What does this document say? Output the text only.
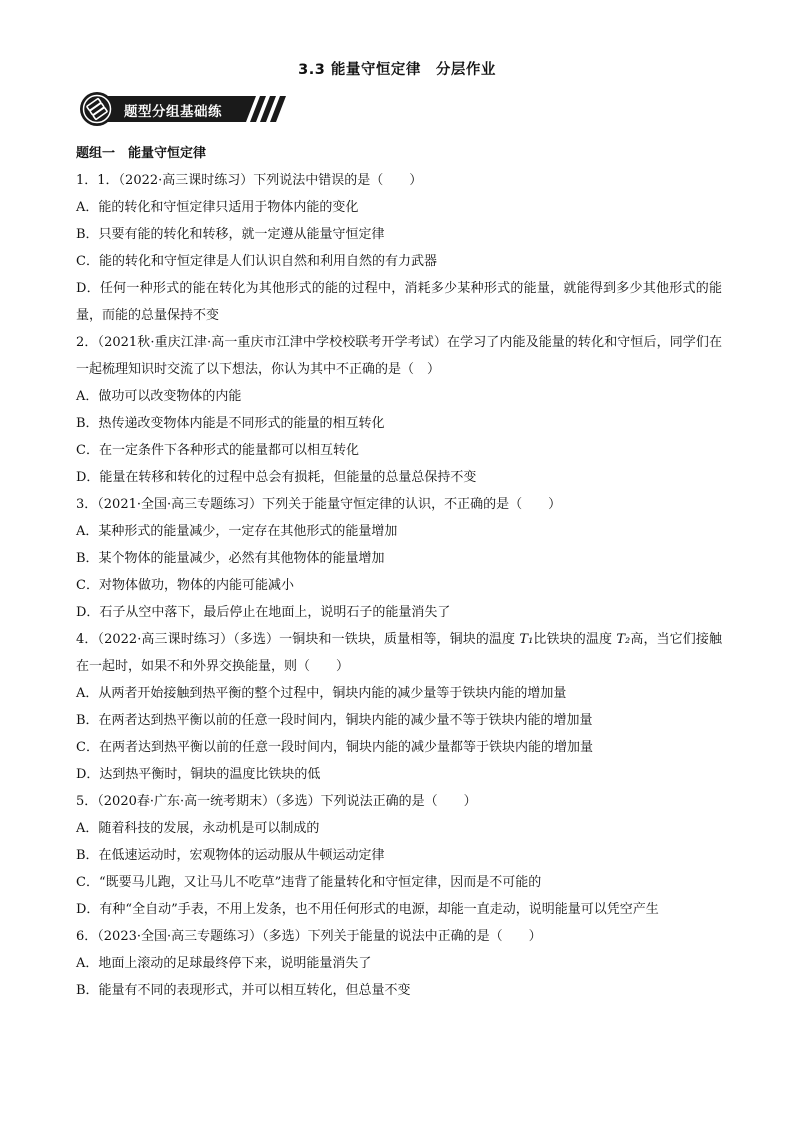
3.3 能量守恒定律　分层作业
题型分组基础练
题组一　能量守恒定律
1．1．（2022·高三课时练习）下列说法中错误的是（　　）
A．能的转化和守恒定律只适用于物体内能的变化
B．只要有能的转化和转移，就一定遵从能量守恒定律
C．能的转化和守恒定律是人们认识自然和利用自然的有力武器
D．任何一种形式的能在转化为其他形式的能的过程中，消耗多少某种形式的能量，就能得到多少其他形式的能量，而能的总量保持不变
2．（2021秋·重庆江津·高一重庆市江津中学校校联考开学考试）在学习了内能及能量的转化和守恒后，同学们在一起梳理知识时交流了以下想法，你认为其中不正确的是（　）
A．做功可以改变物体的内能
B．热传递改变物体内能是不同形式的能量的相互转化
C．在一定条件下各种形式的能量都可以相互转化
D．能量在转移和转化的过程中总会有损耗，但能量的总量总保持不变
3．（2021·全国·高三专题练习）下列关于能量守恒定律的认识，不正确的是（　　）
A．某种形式的能量减少，一定存在其他形式的能量增加
B．某个物体的能量减少，必然有其他物体的能量增加
C．对物体做功，物体的内能可能减小
D．石子从空中落下，最后停止在地面上，说明石子的能量消失了
4．（2022·高三课时练习）（多选）一铜块和一铁块，质量相等，铜块的温度 T₁比铁块的温度 T₂高，当它们接触在一起时，如果不和外界交换能量，则（　　）
A．从两者开始接触到热平衡的整个过程中，铜块内能的减少量等于铁块内能的增加量
B．在两者达到热平衡以前的任意一段时间内，铜块内能的减少量不等于铁块内能的增加量
C．在两者达到热平衡以前的任意一段时间内，铜块内能的减少量都等于铁块内能的增加量
D．达到热平衡时，铜块的温度比铁块的低
5．（2020春·广东·高一统考期末）（多选）下列说法正确的是（　　）
A．随着科技的发展，永动机是可以制成的
B．在低速运动时，宏观物体的运动服从牛顿运动定律
C．“既要马儿跑，又让马儿不吃草”违背了能量转化和守恒定律，因而是不可能的
D．有种“全自动”手表，不用上发条，也不用任何形式的电源，却能一直走动，说明能量可以凭空产生
6．（2023·全国·高三专题练习）（多选）下列关于能量的说法中正确的是（　　）
A．地面上滚动的足球最终停下来，说明能量消失了
B．能量有不同的表现形式，并可以相互转化，但总量不变
